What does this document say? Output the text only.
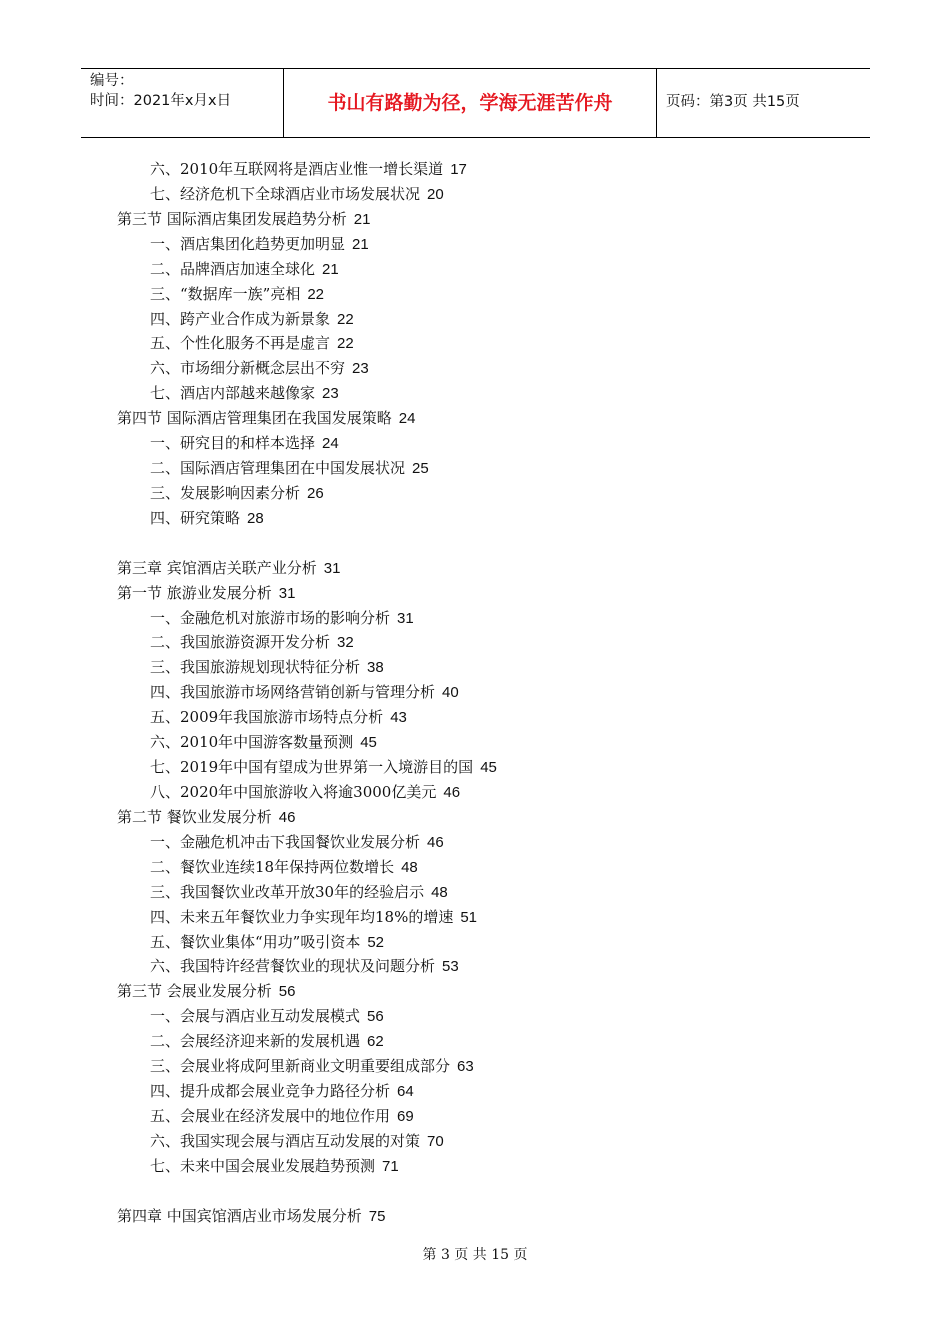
编号：
时间：2021年x月x日	书山有路勤为径，学海无涯苦作舟	页码：第3页 共15页
六、2010年互联网将是酒店业惟一增长渠道 17
七、经济危机下全球酒店业市场发展状况 20
第三节 国际酒店集团发展趋势分析 21
一、酒店集团化趋势更加明显 21
二、品牌酒店加速全球化 21
三、“数据库一族”亮相 22
四、跨产业合作成为新景象 22
五、个性化服务不再是虚言 22
六、市场细分新概念层出不穷 23
七、酒店内部越来越像家 23
第四节 国际酒店管理集团在我国发展策略 24
一、研究目的和样本选择 24
二、国际酒店管理集团在中国发展状况 25
三、发展影响因素分析 26
四、研究策略 28
第三章 宾馆酒店关联产业分析 31
第一节 旅游业发展分析 31
一、金融危机对旅游市场的影响分析 31
二、我国旅游资源开发分析 32
三、我国旅游规划现状特征分析 38
四、我国旅游市场网络营销创新与管理分析 40
五、2009年我国旅游市场特点分析 43
六、2010年中国游客数量预测 45
七、2019年中国有望成为世界第一入境游目的国 45
八、2020年中国旅游收入将逾3000亿美元 46
第二节 餐饮业发展分析 46
一、金融危机冲击下我国餐饮业发展分析 46
二、餐饮业连续18年保持两位数增长 48
三、我国餐饮业改革开放30年的经验启示 48
四、未来五年餐饮业力争实现年均18%的增速 51
五、餐饮业集体“用功”吸引资本 52
六、我国特许经营餐饮业的现状及问题分析 53
第三节 会展业发展分析 56
一、会展与酒店业互动发展模式 56
二、会展经济迎来新的发展机遇 62
三、会展业将成阿里新商业文明重要组成部分 63
四、提升成都会展业竞争力路径分析 64
五、会展业在经济发展中的地位作用 69
六、我国实现会展与酒店互动发展的对策 70
七、未来中国会展业发展趋势预测 71
第四章 中国宾馆酒店业市场发展分析 75
第 3 页 共 15 页
